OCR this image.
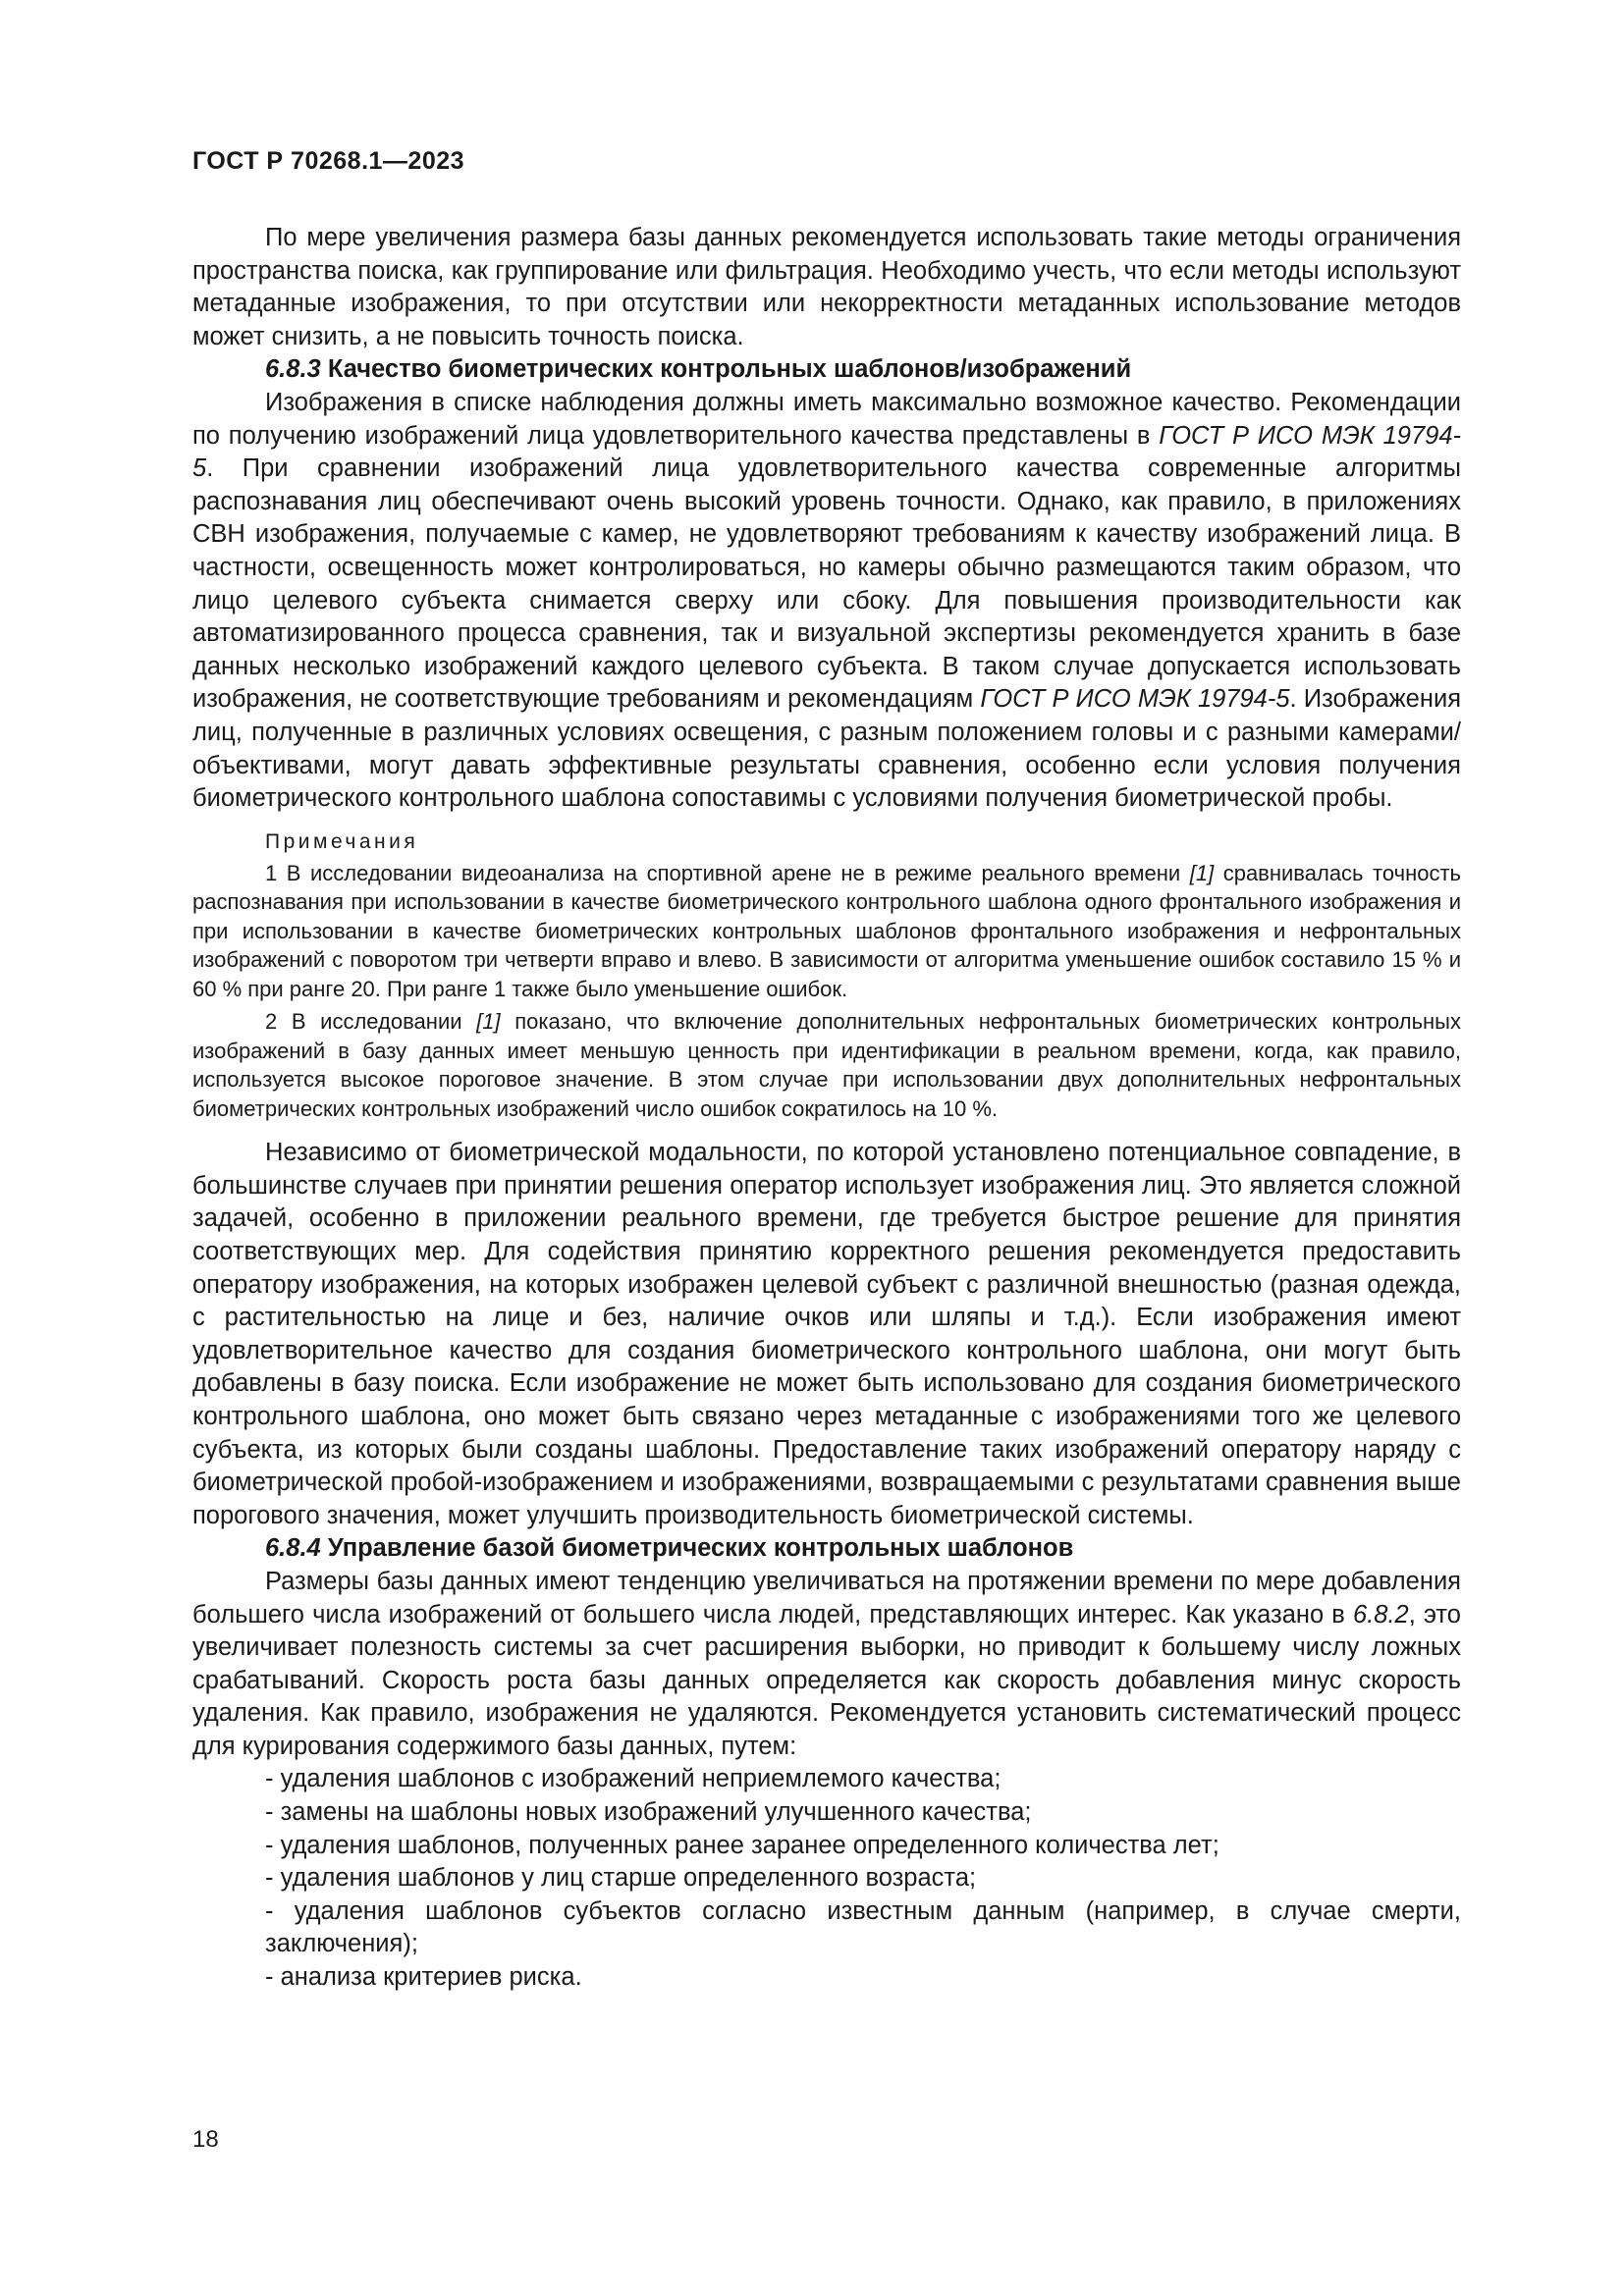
ГОСТ Р 70268.1—2023

По мере увеличения размера базы данных рекомендуется использовать такие методы ограничения пространства поиска, как группирование или фильтрация. Необходимо учесть, что если методы используют метаданные изображения, то при отсутствии или некорректности метаданных использование методов может снизить, а не повысить точность поиска.

6.8.3 Качество биометрических контрольных шаблонов/изображений

Изображения в списке наблюдения должны иметь максимально возможное качество. Рекомендации по получению изображений лица удовлетворительного качества представлены в ГОСТ Р ИСО МЭК 19794-5. При сравнении изображений лица удовлетворительного качества современные алгоритмы распознавания лиц обеспечивают очень высокий уровень точности. Однако, как правило, в приложениях СВН изображения, получаемые с камер, не удовлетворяют требованиям к качеству изображений лица. В частности, освещенность может контролироваться, но камеры обычно размещаются таким образом, что лицо целевого субъекта снимается сверху или сбоку. Для повышения производительности как автоматизированного процесса сравнения, так и визуальной экспертизы рекомендуется хранить в базе данных несколько изображений каждого целевого субъекта. В таком случае допускается использовать изображения, не соответствующие требованиям и рекомендациям ГОСТ Р ИСО МЭК 19794-5. Изображения лиц, полученные в различных условиях освещения, с разным положением головы и с разными камерами/объективами, могут давать эффективные результаты сравнения, особенно если условия получения биометрического контрольного шаблона сопоставимы с условиями получения биометрической пробы.

Примечания
1 В исследовании видеоанализа на спортивной арене не в режиме реального времени [1] сравнивалась точность распознавания при использовании в качестве биометрического контрольного шаблона одного фронтального изображения и при использовании в качестве биометрических контрольных шаблонов фронтального изображения и нефронтальных изображений с поворотом три четверти вправо и влево. В зависимости от алгоритма уменьшение ошибок составило 15 % и 60 % при ранге 20. При ранге 1 также было уменьшение ошибок.
2 В исследовании [1] показано, что включение дополнительных нефронтальных биометрических контрольных изображений в базу данных имеет меньшую ценность при идентификации в реальном времени, когда, как правило, используется высокое пороговое значение. В этом случае при использовании двух дополнительных нефронтальных биометрических контрольных изображений число ошибок сократилось на 10 %.

Независимо от биометрической модальности, по которой установлено потенциальное совпадение, в большинстве случаев при принятии решения оператор использует изображения лиц. Это является сложной задачей, особенно в приложении реального времени, где требуется быстрое решение для принятия соответствующих мер. Для содействия принятию корректного решения рекомендуется предоставить оператору изображения, на которых изображен целевой субъект с различной внешностью (разная одежда, с растительностью на лице и без, наличие очков или шляпы и т.д.). Если изображения имеют удовлетворительное качество для создания биометрического контрольного шаблона, они могут быть добавлены в базу поиска. Если изображение не может быть использовано для создания биометрического контрольного шаблона, оно может быть связано через метаданные с изображениями того же целевого субъекта, из которых были созданы шаблоны. Предоставление таких изображений оператору наряду с биометрической пробой-изображением и изображениями, возвращаемыми с результатами сравнения выше порогового значения, может улучшить производительность биометрической системы.

6.8.4 Управление базой биометрических контрольных шаблонов

Размеры базы данных имеют тенденцию увеличиваться на протяжении времени по мере добавления большего числа изображений от большего числа людей, представляющих интерес. Как указано в 6.8.2, это увеличивает полезность системы за счет расширения выборки, но приводит к большему числу ложных срабатываний. Скорость роста базы данных определяется как скорость добавления минус скорость удаления. Как правило, изображения не удаляются. Рекомендуется установить систематический процесс для курирования содержимого базы данных, путем:

- удаления шаблонов с изображений неприемлемого качества;
- замены на шаблоны новых изображений улучшенного качества;
- удаления шаблонов, полученных ранее заранее определенного количества лет;
- удаления шаблонов у лиц старше определенного возраста;
- удаления шаблонов субъектов согласно известным данным (например, в случае смерти, заключения);
- анализа критериев риска.
18
